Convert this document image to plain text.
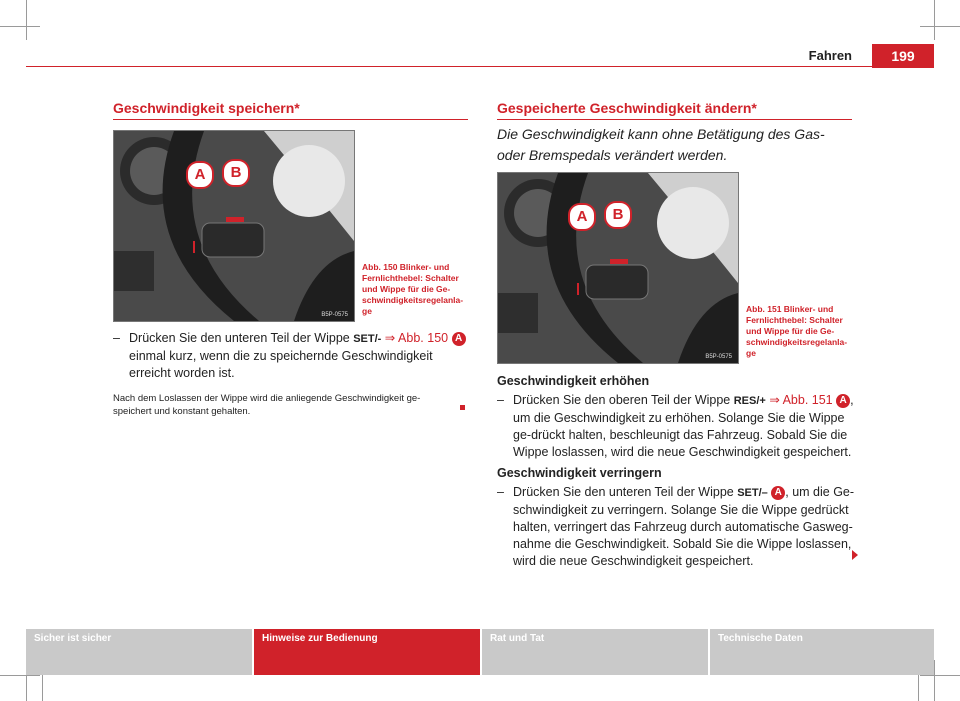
Fahren	199
Geschwindigkeit speichern*
A	B
B5P-0575
Abb. 150 Blinker- und Fernlichthebel: Schalter und Wippe für die Ge-schwindigkeitsregelanla-ge
– Drücken Sie den unteren Teil der Wippe SET/- ⇒ Abb. 150 A
einmal kurz, wenn die zu speichernde Geschwindigkeit erreicht worden ist.
Nach dem Loslassen der Wippe wird die anliegende Geschwindigkeit ge-speichert und konstant gehalten.
Gespeicherte Geschwindigkeit ändern*
Die Geschwindigkeit kann ohne Betätigung des Gas- oder Bremspedals verändert werden.
A	B
B5P-0575
Abb. 151 Blinker- und Fernlichthebel: Schalter und Wippe für die Ge-schwindigkeitsregelanla-ge
Geschwindigkeit erhöhen
– Drücken Sie den oberen Teil der Wippe RES/+ ⇒ Abb. 151 A , um die Geschwindigkeit zu erhöhen. Solange Sie die Wippe ge-drückt halten, beschleunigt das Fahrzeug. Sobald Sie die Wippe loslassen, wird die neue Geschwindigkeit gespeichert.
Geschwindigkeit verringern
– Drücken Sie den unteren Teil der Wippe SET/– A , um die Ge-schwindigkeit zu verringern. Solange Sie die Wippe gedrückt halten, verringert das Fahrzeug durch automatische Gasweg-nahme die Geschwindigkeit. Sobald Sie die Wippe loslassen, wird die neue Geschwindigkeit gespeichert.
Sicher ist sicher	Hinweise zur Bedienung	Rat und Tat	Technische Daten
